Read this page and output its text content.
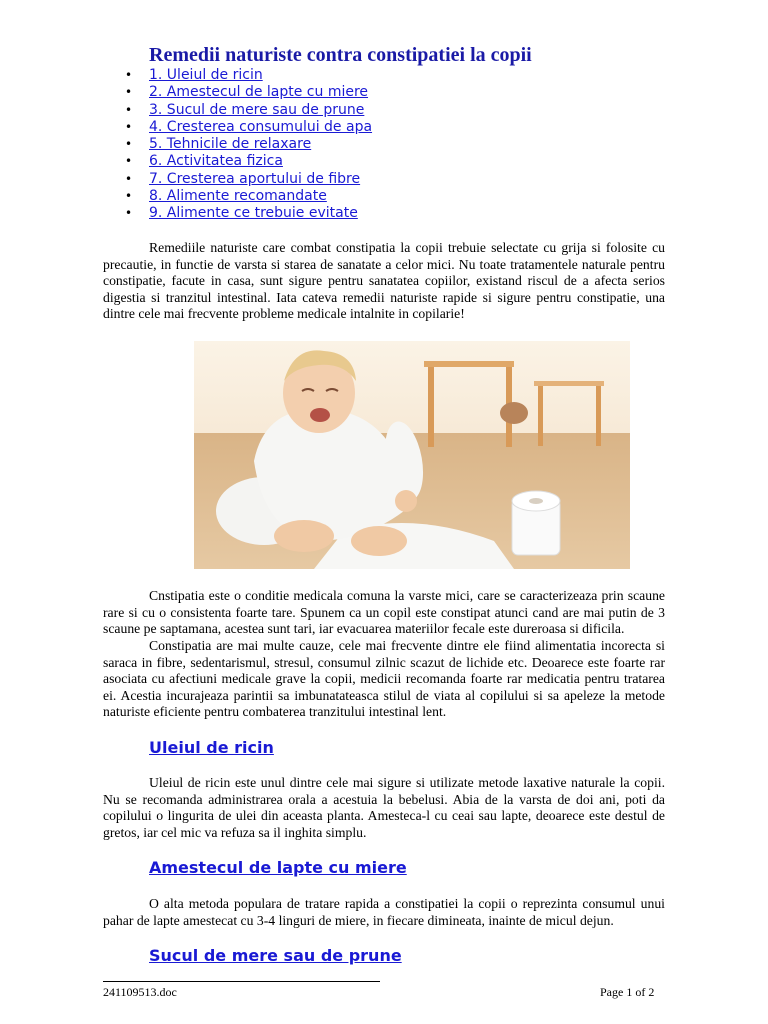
Remedii naturiste contra constipatiei la copii
• 1. Uleiul de ricin
• 2. Amestecul de lapte cu miere
• 3. Sucul de mere sau de prune
• 4. Cresterea consumului de apa
• 5. Tehnicile de relaxare
• 6. Activitatea fizica
• 7. Cresterea aportului de fibre
• 8. Alimente recomandate
• 9. Alimente ce trebuie evitate

Remediile naturiste care combat constipatia la copii trebuie selectate cu grija si folosite cu precautie, in functie de varsta si starea de sanatate a celor mici. Nu toate tratamentele naturale pentru constipatie, facute in casa, sunt sigure pentru sanatatea copiilor, existand riscul de a afecta serios digestia si tranzitul intestinal. Iata cateva remedii naturiste rapide si sigure pentru constipatie, una dintre cele mai frecvente probleme medicale intalnite in copilarie!

Cnstipatia este o conditie medicala comuna la varste mici, care se caracterizeaza prin scaune rare si cu o consistenta foarte tare. Spunem ca un copil este constipat atunci cand are mai putin de 3 scaune pe saptamana, acestea sunt tari, iar evacuarea materiilor fecale este dureroasa si dificila.

Constipatia are mai multe cauze, cele mai frecvente dintre ele fiind alimentatia incorecta si saraca in fibre, sedentarismul, stresul, consumul zilnic scazut de lichide etc. Deoarece este foarte rar asociata cu afectiuni medicale grave la copii, medicii recomanda foarte rar medicatia pentru tratarea ei. Acestia incurajeaza parintii sa imbunatateasca stilul de viata al copilului si sa apeleze la metode naturiste eficiente pentru combaterea tranzitului intestinal lent.

Uleiul de ricin

Uleiul de ricin este unul dintre cele mai sigure si utilizate metode laxative naturale la copii. Nu se recomanda administrarea orala a acestuia la bebelusi. Abia de la varsta de doi ani, poti da copilului o lingurita de ulei din aceasta planta. Amesteca-l cu ceai sau lapte, deoarece este destul de gretos, iar cel mic va refuza sa il inghita simplu.

Amestecul de lapte cu miere

O alta metoda populara de tratare rapida a constipatiei la copii o reprezinta consumul unui pahar de lapte amestecat cu 3-4 linguri de miere, in fiecare dimineata, inainte de micul dejun.

Sucul de mere sau de prune
241109513.doc	Page 1 of 2
